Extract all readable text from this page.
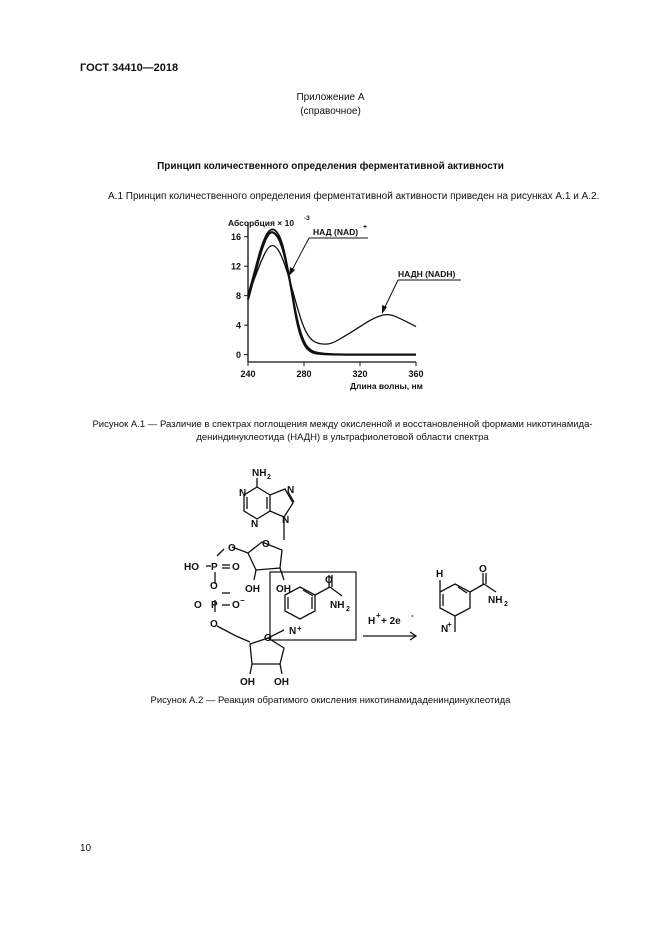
ГОСТ 34410—2018
Приложение А
(справочное)
Принцип количественного определения ферментативной активности
А.1 Принцип количественного определения ферментативной активности приведен на рисунках А.1 и А.2.
0
4
8
12
16
240	280	320	360
Абсорбция × 10 -3
Длина волны, нм
НАД (NAD) +
НАДН (NADH)
Рисунок А.1 — Различие в спектрах поглощения между окисленной и восстановленной формами никотинамидадениндинуклеотида (НАДН) в ультрафиолетовой области спектра
NH 2
N
N
N
N
O
HO P O
O
P O −
O
O
O
O
OH OH
OH OH
O
NH 2
N +
H
+
+ 2e
-
H	O
NH 2
N
+
Рисунок А.2 — Реакция обратимого окисления никотинамидадениндинуклеотида
10
